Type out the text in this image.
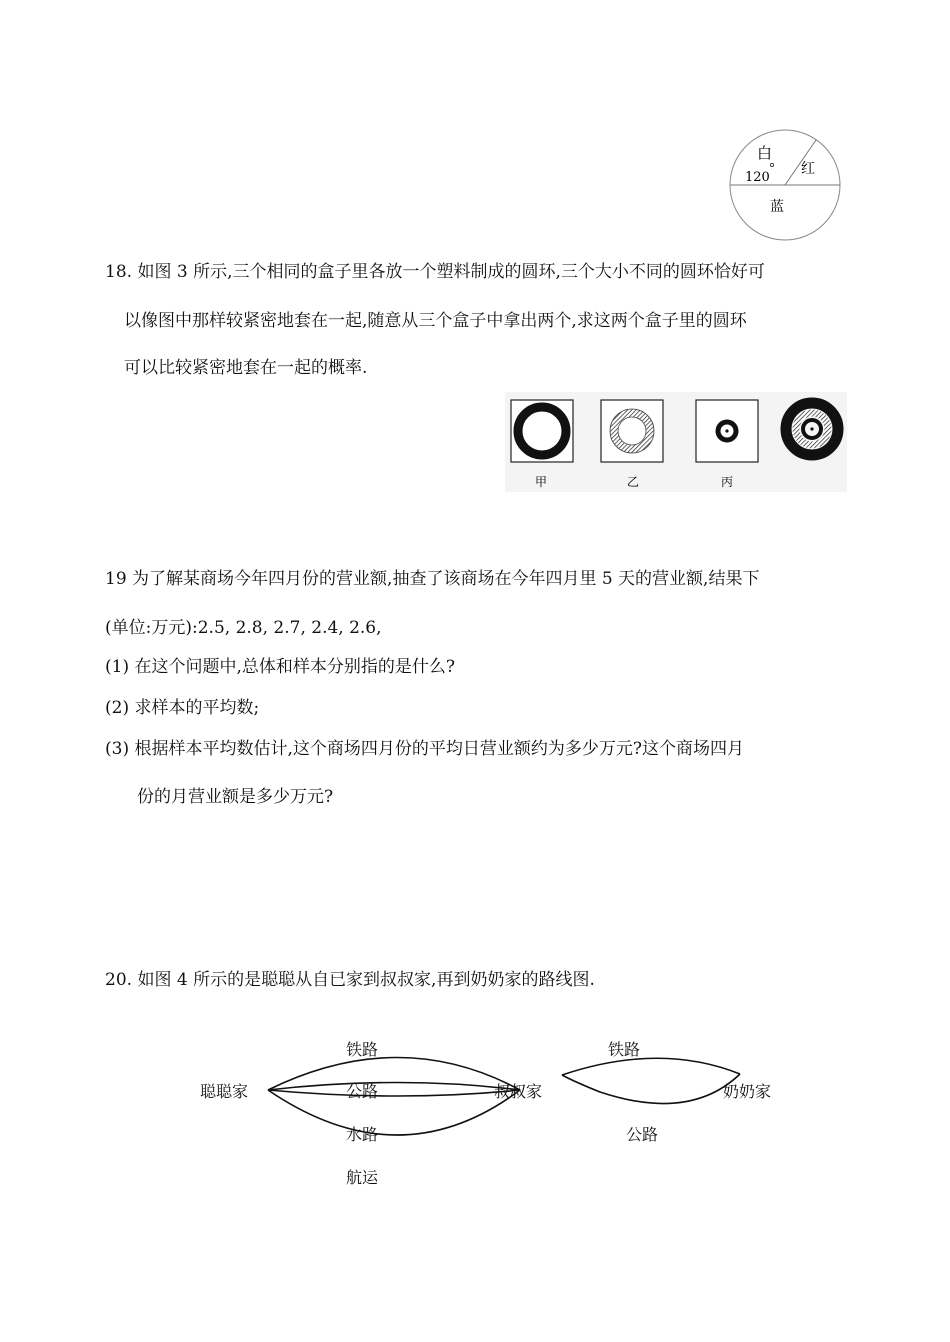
白
红
120
蓝
18. 如图 3 所示,三个相同的盒子里各放一个塑料制成的圆环,三个大小不同的圆环恰好可
以像图中那样较紧密地套在一起,随意从三个盒子中拿出两个,求这两个盒子里的圆环
可以比较紧密地套在一起的概率.
甲	乙	丙
19 为了解某商场今年四月份的营业额,抽查了该商场在今年四月里 5 天的营业额,结果下
(单位:万元):2.5, 2.8, 2.7, 2.4, 2.6,
(1) 在这个问题中,总体和样本分别指的是什么?
(2) 求样本的平均数;
(3) 根据样本平均数估计,这个商场四月份的平均日营业额约为多少万元?这个商场四月
份的月营业额是多少万元?
20. 如图 4 所示的是聪聪从自已家到叔叔家,再到奶奶家的路线图.
聪聪家
铁路
公路
水路
航运
叔叔家
铁路
公路
奶奶家
